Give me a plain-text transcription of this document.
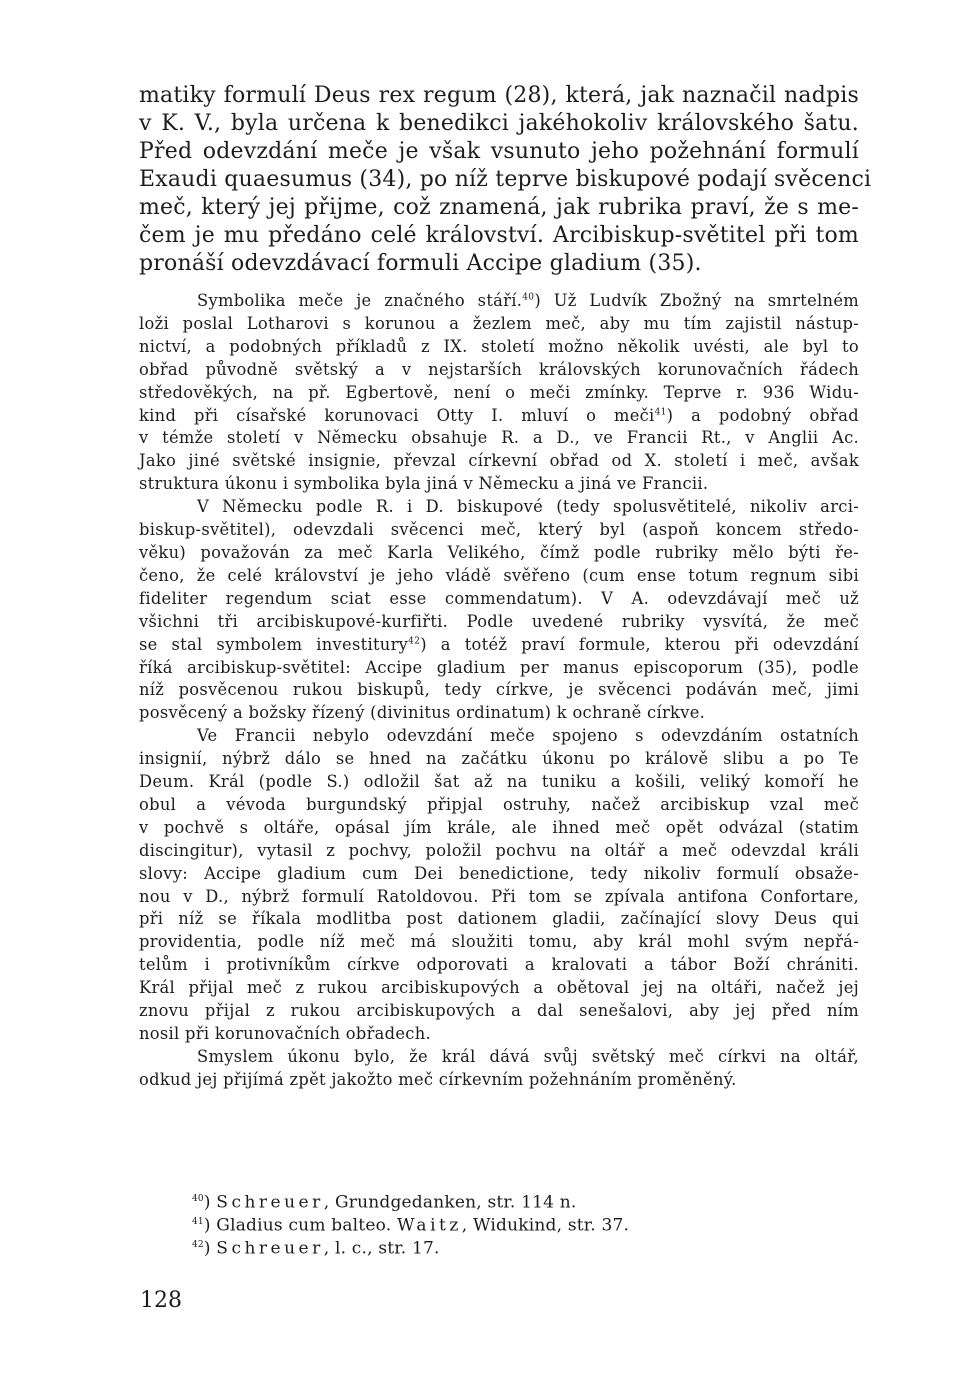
matiky formulí Deus rex regum (28), která, jak naznačil nadpis
v K. V., byla určena k benedikci jakéhokoliv královského šatu.
Před odevzdání meče je však vsunuto jeho požehnání formulí
Exaudi quaesumus (34), po níž teprve biskupové podají svěcenci
meč, který jej přijme, což znamená, jak rubrika praví, že s me-
čem je mu předáno celé království. Arcibiskup-světitel při tom
pronáší odevzdávací formuli Accipe gladium (35).

Symbolika meče je značného stáří.$^{40}$) Už Ludvík Zbožný na smrtelném
loži poslal Lotharovi s korunou a žezlem meč, aby mu tím zajistil nástup-
nictví, a podobných příkladů z IX. století možno několik uvésti, ale byl to
obřad původně světský a v nejstarších královských korunovačních řádech
středověkých, na př. Egbertově, není o meči zmínky. Teprve r. 936 Widu-
kind při císařské korunovaci Otty I. mluví o meči$^{41}$) a podobný obřad
v témže století v Německu obsahuje R. a D., ve Francii Rt., v Anglii Ac.
Jako jiné světské insignie, převzal církevní obřad od X. století i meč, avšak
struktura úkonu i symbolika byla jiná v Německu a jiná ve Francii.

V Německu podle R. i D. biskupové (tedy spolusvětitelé, nikoliv arci-
biskup-světitel), odevzdali svěcenci meč, který byl (aspoň koncem středo-
věku) považován za meč Karla Velikého, čímž podle rubriky mělo býti ře-
čeno, že celé království je jeho vládě svěřeno (cum ense totum regnum sibi
fideliter regendum sciat esse commendatum). V A. odevzdávají meč už
všichni tři arcibiskupové-kurfiřti. Podle uvedené rubriky vysvítá, že meč
se stal symbolem investitury$^{42}$) a totéž praví formule, kterou při odevzdání
říká arcibiskup-světitel: Accipe gladium per manus episcoporum (35), podle
níž posvěcenou rukou biskupů, tedy církve, je svěcenci podáván meč, jimi
posvěcený a božsky řízený (divinitus ordinatum) k ochraně církve.

Ve Francii nebylo odevzdání meče spojeno s odevzdáním ostatních
insignií, nýbrž dálo se hned na začátku úkonu po králově slibu a po Te
Deum. Král (podle S.) odložil šat až na tuniku a košili, veliký komoří he
obul a vévoda burgundský připjal ostruhy, načež arcibiskup vzal meč
v pochvě s oltáře, opásal jím krále, ale ihned meč opět odvázal (statim
discingitur), vytasil z pochvy, položil pochvu na oltář a meč odevzdal králi
slovy: Accipe gladium cum Dei benedictione, tedy nikoliv formulí obsaže-
nou v D., nýbrž formulí Ratoldovou. Při tom se zpívala antifona Confortare,
při níž se říkala modlitba post dationem gladii, začínající slovy Deus qui
providentia, podle níž meč má sloužiti tomu, aby král mohl svým nepřá-
telům i protivníkům církve odporovati a kralovati a tábor Boží chrániti.
Král přijal meč z rukou arcibiskupových a obětoval jej na oltáři, načež jej
znovu přijal z rukou arcibiskupových a dal senešalovi, aby jej před ním
nosil při korunovačních obřadech.

Smyslem úkonu bylo, že král dává svůj světský meč církvi na oltář,
odkud jej přijímá zpět jakožto meč církevním požehnáním proměněný.

$^{40}$) Schreuer, Grundgedanken, str. 114 n.
$^{41}$) Gladius cum balteo. Waitz, Widukind, str. 37.
$^{42}$) Schreuer, l. c., str. 17.
128
